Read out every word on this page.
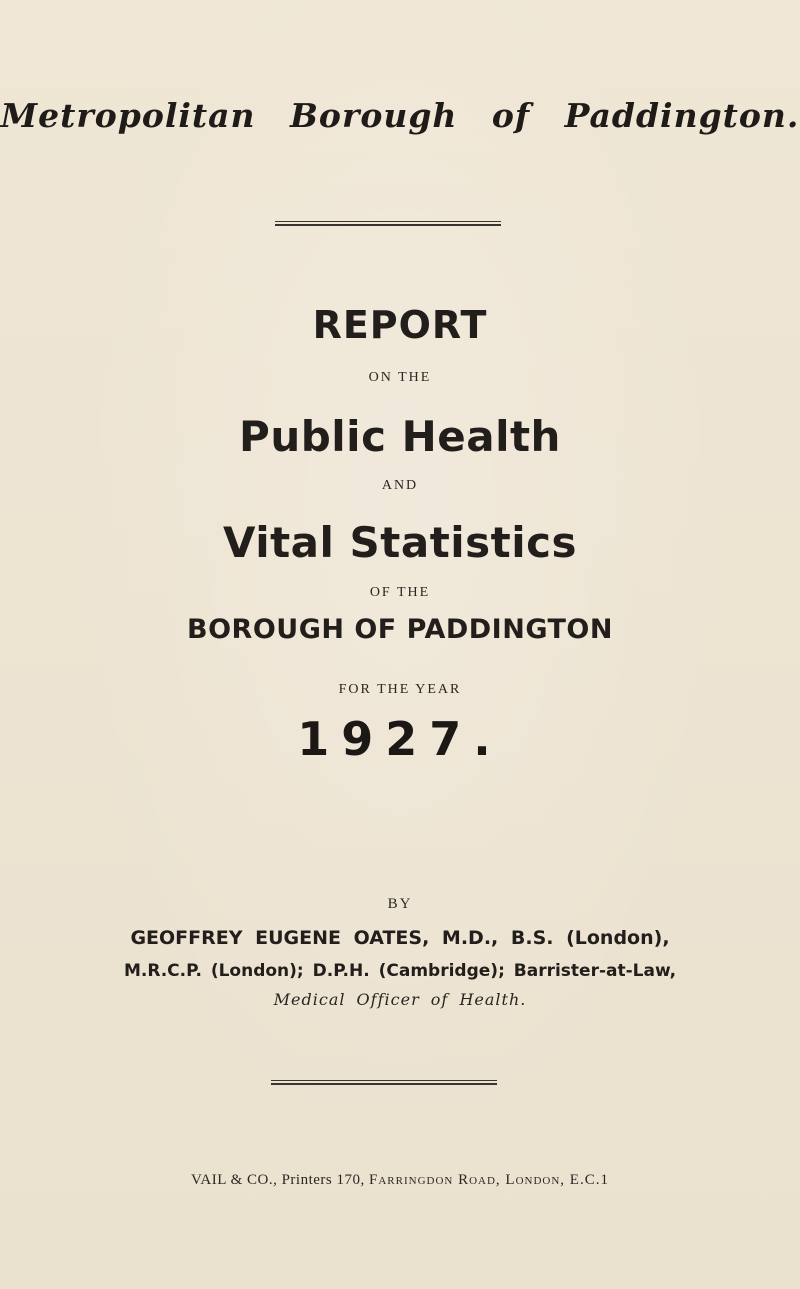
Metropolitan Borough of Paddington.
REPORT
ON THE
Public Health
AND
Vital Statistics
OF THE
BOROUGH OF PADDINGTON
FOR THE YEAR
1927.
BY
GEOFFREY EUGENE OATES, M.D., B.S. (London),
M.R.C.P. (London); D.P.H. (Cambridge); Barrister-at-Law,
Medical Officer of Health.
VAIL & CO., Printers 170, Farringdon Road, London, E.C.1
